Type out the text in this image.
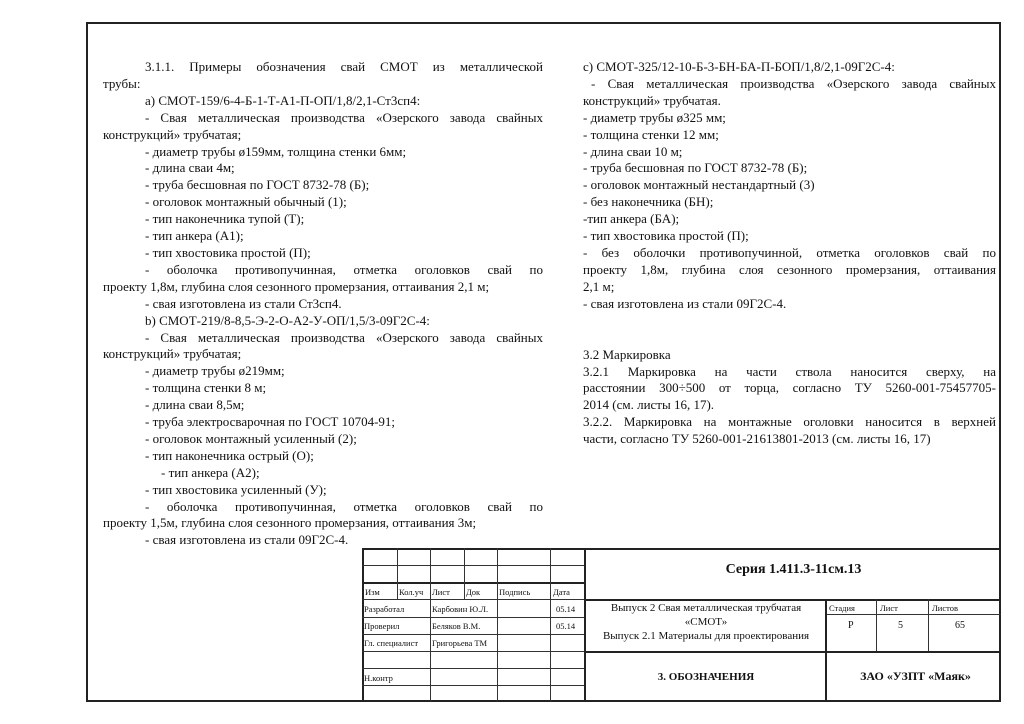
3.1.1. Примеры обозначения свай СМОТ из металлической

трубы:

а) СМОТ-159/6-4-Б-1-Т-А1-П-ОП/1,8/2,1-Ст3сп4:

- Свая металлическая производства «Озерского завода свайных

конструкций» трубчатая;

- диаметр трубы ø159мм, толщина стенки 6мм;

- длина сваи 4м;

- труба бесшовная по ГОСТ 8732-78 (Б);

- оголовок монтажный обычный (1);

- тип наконечника тупой (Т);

- тип анкера (А1);

- тип хвостовика простой (П);

- оболочка противопучинная, отметка оголовков свай по

проекту 1,8м, глубина слоя сезонного промерзания, оттаивания 2,1 м;

- свая изготовлена из стали Ст3сп4.

b) СМОТ-219/8-8,5-Э-2-О-А2-У-ОП/1,5/3-09Г2С-4:

- Свая металлическая производства «Озерского завода свайных

конструкций» трубчатая;

- диаметр трубы ø219мм;

- толщина стенки 8 м;

- длина сваи 8,5м;

- труба электросварочная по ГОСТ 10704-91;

- оголовок монтажный усиленный (2);

- тип наконечника острый (О);

- тип анкера (А2);

- тип хвостовика усиленный (У);

- оболочка противопучинная, отметка оголовков свай по

проекту 1,5м, глубина слоя сезонного промерзания, оттаивания 3м;

- свая изготовлена из стали 09Г2С-4.

с) СМОТ-325/12-10-Б-3-БН-БА-П-БОП/1,8/2,1-09Г2С-4:

- Свая металлическая производства «Озерского завода свайных

конструкций» трубчатая.

- диаметр трубы ø325 мм;

- толщина стенки 12 мм;

- длина сваи 10 м;

- труба бесшовная по ГОСТ 8732-78 (Б);

- оголовок монтажный нестандартный (3)

- без наконечника (БН);

-тип анкера (БА);

- тип хвостовика простой (П);

- без оболочки противопучинной, отметка оголовков свай по

проекту 1,8м, глубина слоя сезонного промерзания, оттаивания

2,1 м;

- свая изготовлена из стали 09Г2С-4.

3.2 Маркировка

3.2.1 Маркировка на части ствола наносится сверху, на

расстоянии 300÷500 от торца, согласно ТУ 5260-001-75457705-

2014 (см. листы 16, 17).

3.2.2. Маркировка на монтажные оголовки наносится в верхней

части, согласно ТУ 5260-001-21613801-2013 (см. листы 16, 17)

Изм Кол.уч Лист Док Подпись	Дата
Разработал	Карбовин Ю.Л.	05.14
Проверил	Беляков В.М.	05.14
Гл. специалист Григорьева ТМ
Н.контр
Серия 1.411.3-11см.13
Выпуск 2 Свая металлическая трубчатая
«СМОТ»
Выпуск 2.1 Материалы для проектирования
Стадия	Лист	Листов
Р	5	65
3. ОБОЗНАЧЕНИЯ	ЗАО «УЗПТ «Маяк»
